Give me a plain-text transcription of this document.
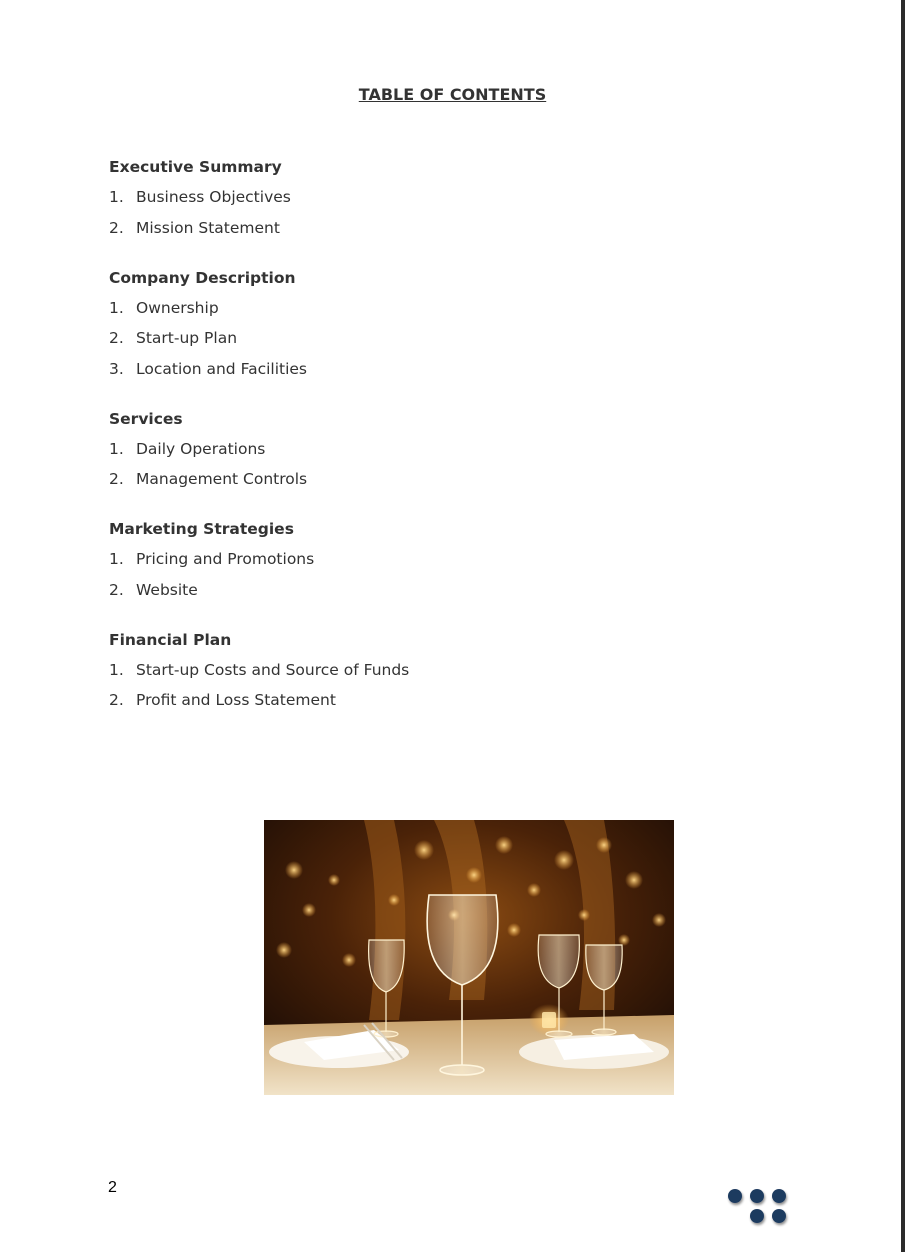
TABLE OF CONTENTS
Executive Summary
1. Business Objectives
2. Mission Statement
Company Description
1. Ownership
2. Start-up Plan
3. Location and Facilities
Services
1. Daily Operations
2. Management Controls
Marketing Strategies
1. Pricing and Promotions
2. Website
Financial Plan
1. Start-up Costs and Source of Funds
2. Profit and Loss Statement
2
